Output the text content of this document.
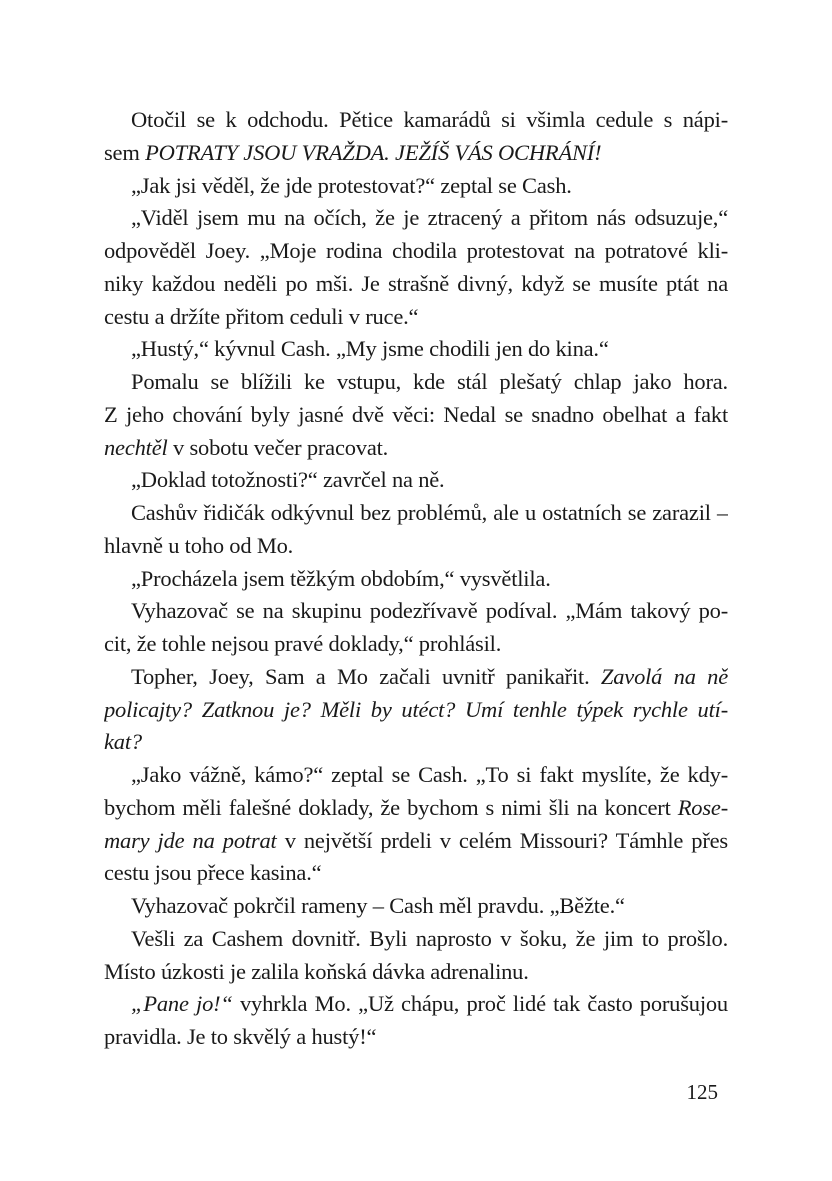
Otočil se k odchodu. Pětice kamarádů si všimla cedule s nápi-
sem POTRATY JSOU VRAŽDA. JEŽÍŠ VÁS OCHRÁNÍ!
„Jak jsi věděl, že jde protestovat?“ zeptal se Cash.
„Viděl jsem mu na očích, že je ztracený a přitom nás odsuzuje,“
odpověděl Joey. „Moje rodina chodila protestovat na potratové kli-
niky každou neděli po mši. Je strašně divný, když se musíte ptát na
cestu a držíte přitom ceduli v ruce.“
„Hustý,“ kývnul Cash. „My jsme chodili jen do kina.“
Pomalu se blížili ke vstupu, kde stál plešatý chlap jako hora.
Z jeho chování byly jasné dvě věci: Nedal se snadno obelhat a fakt
nechtěl v sobotu večer pracovat.
„Doklad totožnosti?“ zavrčel na ně.
Cashův řidičák odkývnul bez problémů, ale u ostatních se zarazil –
hlavně u toho od Mo.
„Procházela jsem těžkým obdobím,“ vysvětlila.
Vyhazovač se na skupinu podezřívavě podíval. „Mám takový po-
cit, že tohle nejsou pravé doklady,“ prohlásil.
Topher, Joey, Sam a Mo začali uvnitř panikařit. Zavolá na ně
policajty? Zatknou je? Měli by utéct? Umí tenhle týpek rychle utí-
kat?
„Jako vážně, kámo?“ zeptal se Cash. „To si fakt myslíte, že kdy-
bychom měli falešné doklady, že bychom s nimi šli na koncert Rose-
mary jde na potrat v největší prdeli v celém Missouri? Támhle přes
cestu jsou přece kasina.“
Vyhazovač pokrčil rameny – Cash měl pravdu. „Běžte.“
Vešli za Cashem dovnitř. Byli naprosto v šoku, že jim to prošlo.
Místo úzkosti je zalila koňská dávka adrenalinu.
„Pane jo!“ vyhrkla Mo. „Už chápu, proč lidé tak často porušujou
pravidla. Je to skvělý a hustý!“
125
